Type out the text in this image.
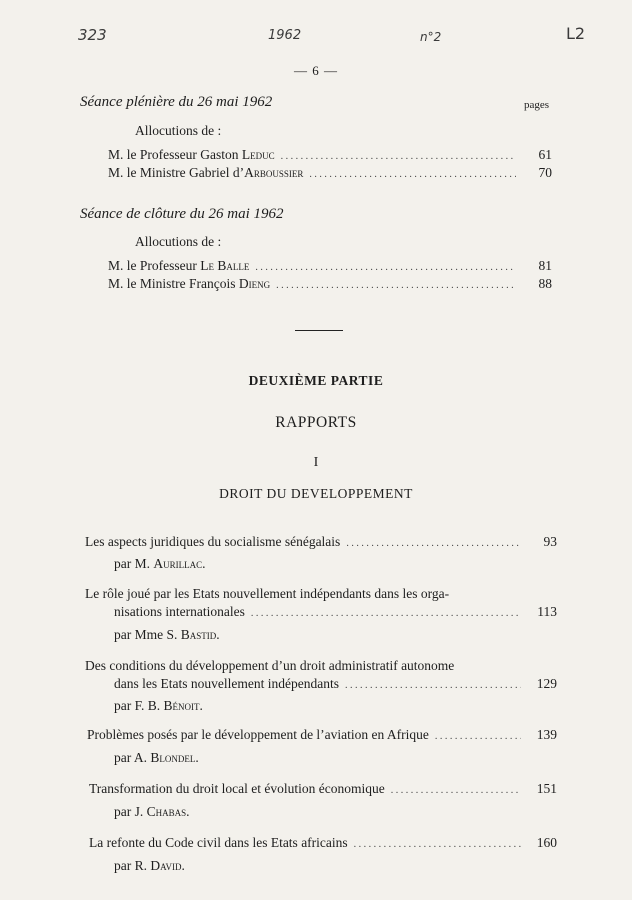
323	1962	n°2	L2
— 6 —
Séance plénière du 26 mai 1962	pages
Allocutions de :
M. le Professeur Gaston Leduc . . .	61
M. le Ministre Gabriel d’Arboussier . . .	70
Séance de clôture du 26 mai 1962
Allocutions de :
M. le Professeur Le Balle . . .	81
M. le Ministre François Dieng . . .	88
DEUXIÈME PARTIE
RAPPORTS
I
DROIT DU DEVELOPPEMENT
Les aspects juridiques du socialisme sénégalais . . .	93
par M. Aurillac.
Le rôle joué par les Etats nouvellement indépendants dans les orga-
nisations internationales . . .	113
par Mme S. Bastid.
Des conditions du développement d’un droit administratif autonome
dans les Etats nouvellement indépendants . . .	129
par F. B. Bénoit.
Problèmes posés par le développement de l’aviation en Afrique . . .	139
par A. Blondel.
Transformation du droit local et évolution économique . . .	151
par J. Chabas.
La refonte du Code civil dans les Etats africains . . .	160
par R. David.
